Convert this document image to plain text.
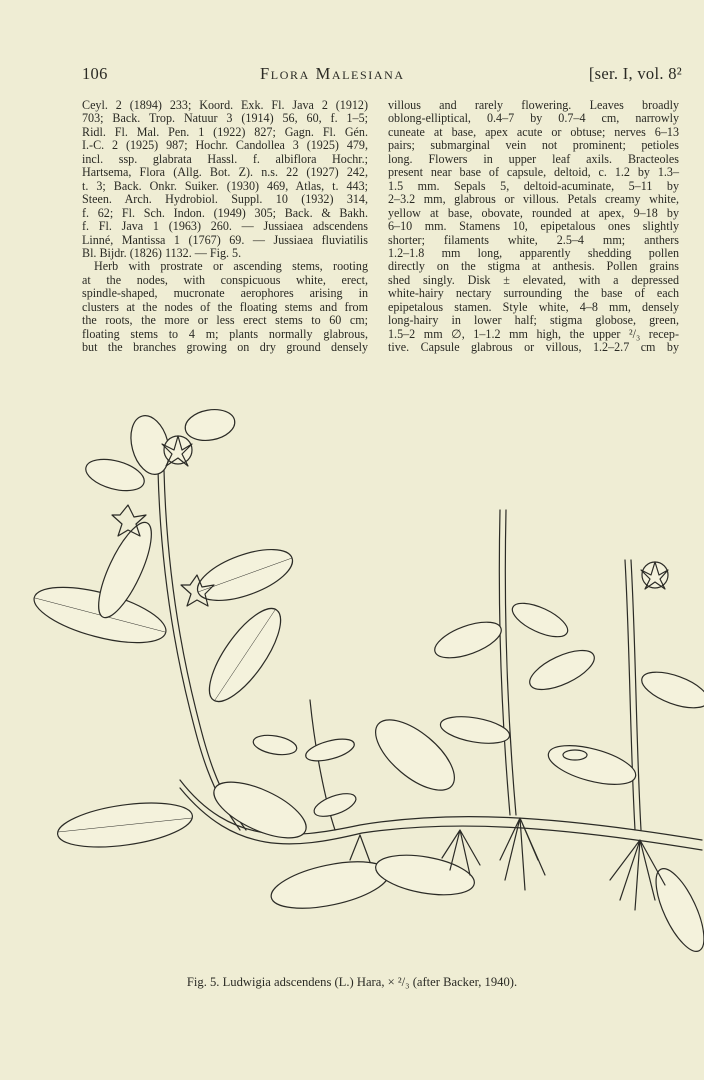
106	Flora Malesiana	[ser. I, vol. 8²
Ceyl. 2 (1894) 233; Koord. Exk. Fl. Java 2 (1912)
703; Back. Trop. Natuur 3 (1914) 56, 60, f. 1–5;
Ridl. Fl. Mal. Pen. 1 (1922) 827; Gagn. Fl. Gén.
I.-C. 2 (1925) 987; Hochr. Candollea 3 (1925) 479,
incl. ssp. glabrata Hassl. f. albiflora Hochr.;
Hartsema, Flora (Allg. Bot. Z). n.s. 22 (1927) 242,
t. 3; Back. Onkr. Suiker. (1930) 469, Atlas, t. 443;
Steen. Arch. Hydrobiol. Suppl. 10 (1932) 314,
f. 62; Fl. Sch. Indon. (1949) 305; Back. & Bakh.
f. Fl. Java 1 (1963) 260. — Jussiaea adscendens
Linné, Mantissa 1 (1767) 69. — Jussiaea fluviatilis
Bl. Bijdr. (1826) 1132. — Fig. 5.
Herb with prostrate or ascending stems, rooting
at the nodes, with conspicuous white, erect,
spindle-shaped, mucronate aerophores arising in
clusters at the nodes of the floating stems and from
the roots, the more or less erect stems to 60 cm;
floating stems to 4 m; plants normally glabrous,
but the branches growing on dry ground densely
villous and rarely flowering. Leaves broadly
oblong-elliptical, 0.4–7 by 0.7–4 cm, narrowly
cuneate at base, apex acute or obtuse; nerves 6–13
pairs; submarginal vein not prominent; petioles
long. Flowers in upper leaf axils. Bracteoles
present near base of capsule, deltoid, c. 1.2 by 1.3–
1.5 mm. Sepals 5, deltoid-acuminate, 5–11 by
2–3.2 mm, glabrous or villous. Petals creamy white,
yellow at base, obovate, rounded at apex, 9–18 by
6–10 mm. Stamens 10, epipetalous ones slightly
shorter; filaments white, 2.5–4 mm; anthers
1.2–1.8 mm long, apparently shedding pollen
directly on the stigma at anthesis. Pollen grains
shed singly. Disk ± elevated, with a depressed
white-hairy nectary surrounding the base of each
epipetalous stamen. Style white, 4–8 mm, densely
long-hairy in lower half; stigma globose, green,
1.5–2 mm ∅, 1–1.2 mm high, the upper ²/₃ recep-
tive. Capsule glabrous or villous, 1.2–2.7 cm by
Fig. 5. Ludwigia adscendens (L.) Hara, × ²/₃ (after Backer, 1940).
